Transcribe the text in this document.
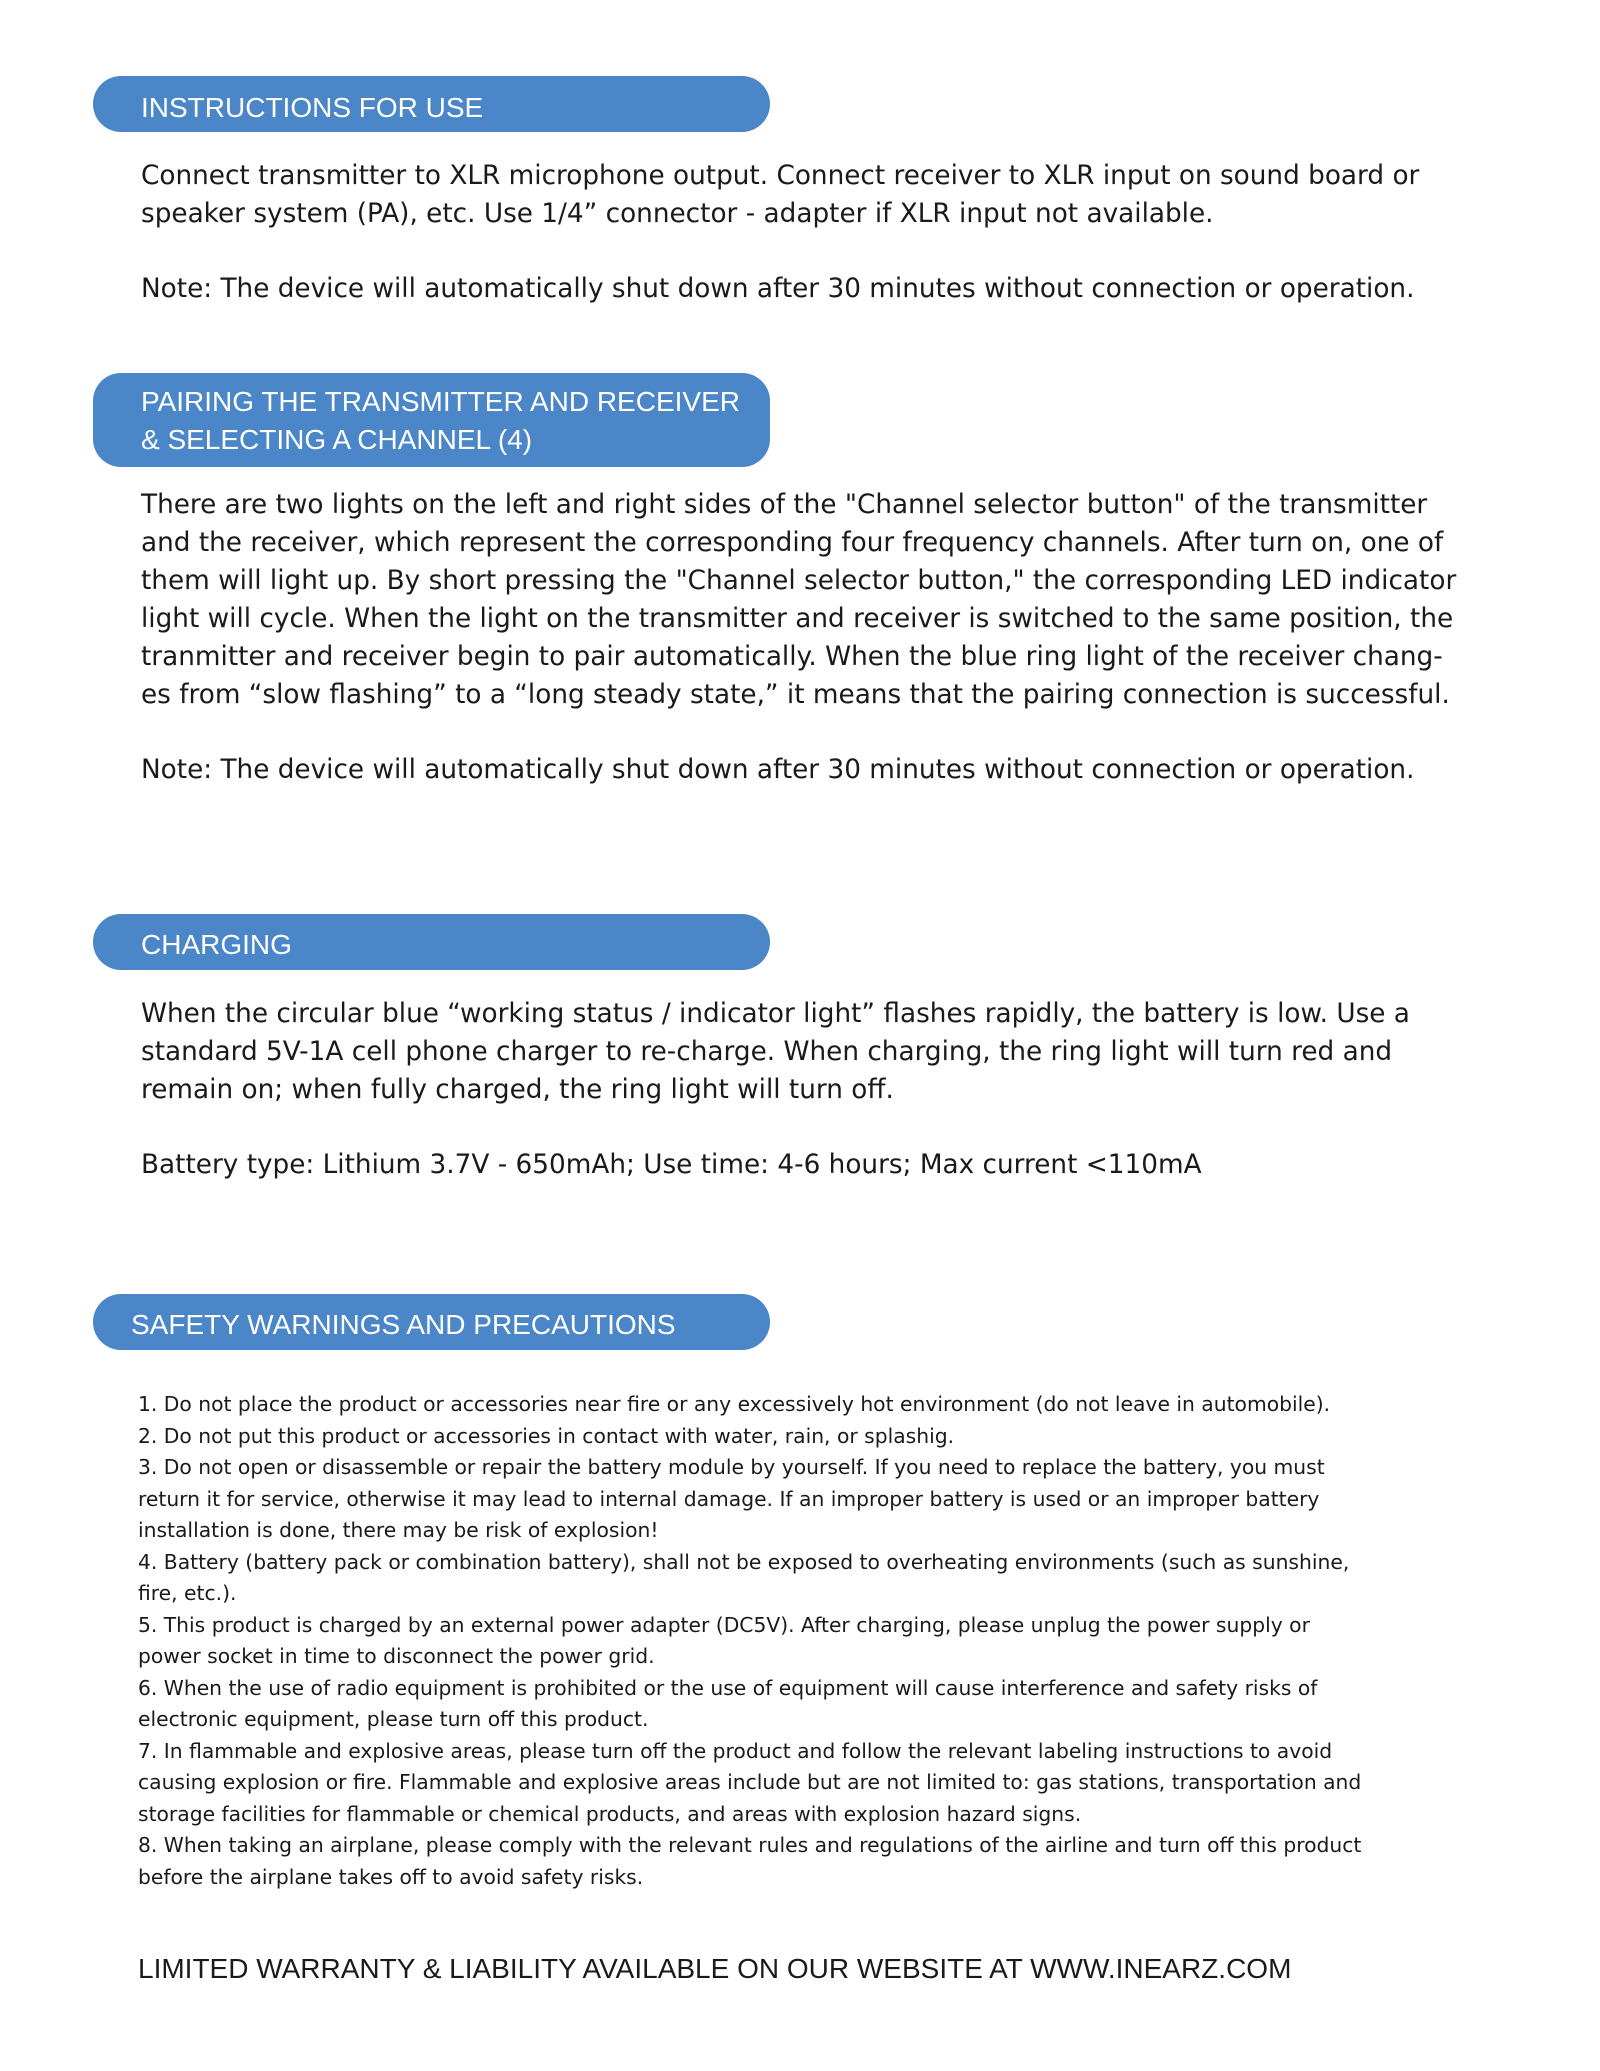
INSTRUCTIONS FOR USE
Connect transmitter to XLR microphone output. Connect receiver to XLR input on sound board or
speaker system (PA), etc. Use 1/4” connector - adapter if XLR input not available.
Note: The device will automatically shut down after 30 minutes without connection or operation.
PAIRING THE TRANSMITTER AND RECEIVER
& SELECTING A CHANNEL (4)
There are two lights on the left and right sides of the "Channel selector button" of the transmitter
and the receiver, which represent the corresponding four frequency channels. After turn on, one of
them will light up. By short pressing the "Channel selector button," the corresponding LED indicator
light will cycle. When the light on the transmitter and receiver is switched to the same position, the
tranmitter and receiver begin to pair automatically. When the blue ring light of the receiver chang-
es from “slow flashing” to a “long steady state,” it means that the pairing connection is successful.
Note: The device will automatically shut down after 30 minutes without connection or operation.
CHARGING
When the circular blue “working status / indicator light” flashes rapidly, the battery is low. Use a
standard 5V-1A cell phone charger to re-charge. When charging, the ring light will turn red and
remain on; when fully charged, the ring light will turn off.
Battery type: Lithium 3.7V - 650mAh; Use time: 4-6 hours; Max current <110mA
SAFETY WARNINGS AND PRECAUTIONS
1. Do not place the product or accessories near fire or any excessively hot environment (do not leave in automobile).
2. Do not put this product or accessories in contact with water, rain, or splashig.
3. Do not open or disassemble or repair the battery module by yourself. If you need to replace the battery, you must
return it for service, otherwise it may lead to internal damage. If an improper battery is used or an improper battery
installation is done, there may be risk of explosion!
4. Battery (battery pack or combination battery), shall not be exposed to overheating environments (such as sunshine,
fire, etc.).
5. This product is charged by an external power adapter (DC5V). After charging, please unplug the power supply or
power socket in time to disconnect the power grid.
6. When the use of radio equipment is prohibited or the use of equipment will cause interference and safety risks of
electronic equipment, please turn off this product.
7. In flammable and explosive areas, please turn off the product and follow the relevant labeling instructions to avoid
causing explosion or fire. Flammable and explosive areas include but are not limited to: gas stations, transportation and
storage facilities for flammable or chemical products, and areas with explosion hazard signs.
8. When taking an airplane, please comply with the relevant rules and regulations of the airline and turn off this product
before the airplane takes off to avoid safety risks.
LIMITED WARRANTY & LIABILITY AVAILABLE ON OUR WEBSITE AT WWW.INEARZ.COM
